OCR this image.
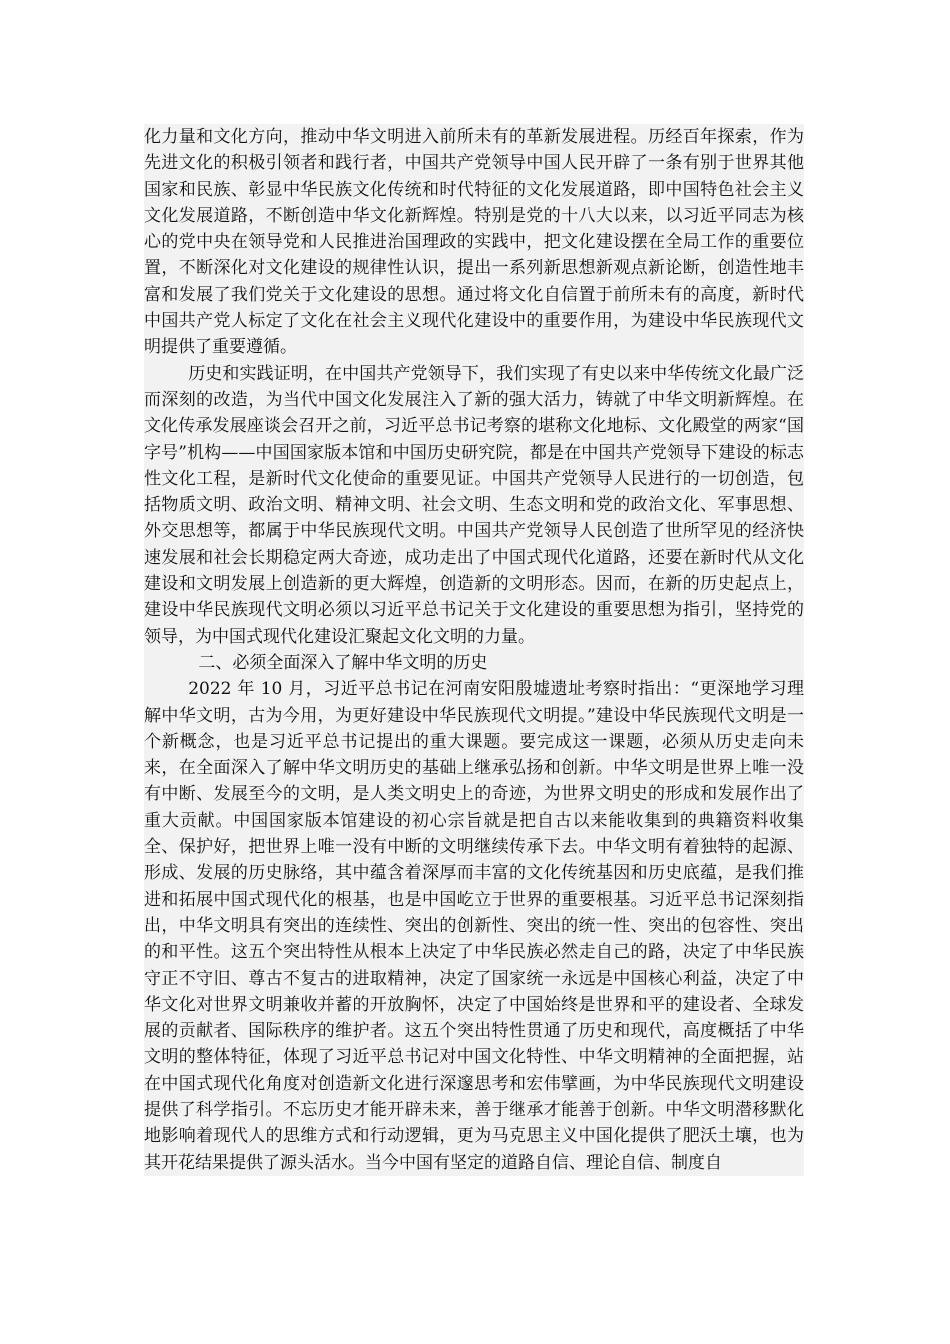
化力量和文化方向，推动中华文明进入前所未有的革新发展进程。历经百年探索，作为先进文化的积极引领者和践行者，中国共产党领导中国人民开辟了一条有别于世界其他国家和民族、彰显中华民族文化传统和时代特征的文化发展道路，即中国特色社会主义文化发展道路，不断创造中华文化新辉煌。特别是党的十八大以来，以习近平同志为核心的党中央在领导党和人民推进治国理政的实践中，把文化建设摆在全局工作的重要位置，不断深化对文化建设的规律性认识，提出一系列新思想新观点新论断，创造性地丰富和发展了我们党关于文化建设的思想。通过将文化自信置于前所未有的高度，新时代中国共产党人标定了文化在社会主义现代化建设中的重要作用，为建设中华民族现代文明提供了重要遵循。

历史和实践证明，在中国共产党领导下，我们实现了有史以来中华传统文化最广泛而深刻的改造，为当代中国文化发展注入了新的强大活力，铸就了中华文明新辉煌。在文化传承发展座谈会召开之前，习近平总书记考察的堪称文化地标、文化殿堂的两家“国字号”机构——中国国家版本馆和中国历史研究院，都是在中国共产党领导下建设的标志性文化工程，是新时代文化使命的重要见证。中国共产党领导人民进行的一切创造，包括物质文明、政治文明、精神文明、社会文明、生态文明和党的政治文化、军事思想、外交思想等，都属于中华民族现代文明。中国共产党领导人民创造了世所罕见的经济快速发展和社会长期稳定两大奇迹，成功走出了中国式现代化道路，还要在新时代从文化建设和文明发展上创造新的更大辉煌，创造新的文明形态。因而，在新的历史起点上，建设中华民族现代文明必须以习近平总书记关于文化建设的重要思想为指引，坚持党的领导，为中国式现代化建设汇聚起文化文明的力量。

二、必须全面深入了解中华文明的历史

2022 年 10 月，习近平总书记在河南安阳殷墟遗址考察时指出：“更深地学习理解中华文明，古为今用，为更好建设中华民族现代文明提。”建设中华民族现代文明是一个新概念，也是习近平总书记提出的重大课题。要完成这一课题，必须从历史走向未来，在全面深入了解中华文明历史的基础上继承弘扬和创新。中华文明是世界上唯一没有中断、发展至今的文明，是人类文明史上的奇迹，为世界文明史的形成和发展作出了重大贡献。中国国家版本馆建设的初心宗旨就是把自古以来能收集到的典籍资料收集全、保护好，把世界上唯一没有中断的文明继续传承下去。中华文明有着独特的起源、形成、发展的历史脉络，其中蕴含着深厚而丰富的文化传统基因和历史底蕴，是我们推进和拓展中国式现代化的根基，也是中国屹立于世界的重要根基。习近平总书记深刻指出，中华文明具有突出的连续性、突出的创新性、突出的统一性、突出的包容性、突出的和平性。这五个突出特性从根本上决定了中华民族必然走自己的路，决定了中华民族守正不守旧、尊古不复古的进取精神，决定了国家统一永远是中国核心利益，决定了中华文化对世界文明兼收并蓄的开放胸怀，决定了中国始终是世界和平的建设者、全球发展的贡献者、国际秩序的维护者。这五个突出特性贯通了历史和现代，高度概括了中华文明的整体特征，体现了习近平总书记对中国文化特性、中华文明精神的全面把握，站在中国式现代化角度对创造新文化进行深邃思考和宏伟擘画，为中华民族现代文明建设提供了科学指引。不忘历史才能开辟未来，善于继承才能善于创新。中华文明潜移默化地影响着现代人的思维方式和行动逻辑，更为马克思主义中国化提供了肥沃土壤，也为其开花结果提供了源头活水。当今中国有坚定的道路自信、理论自信、制度自
